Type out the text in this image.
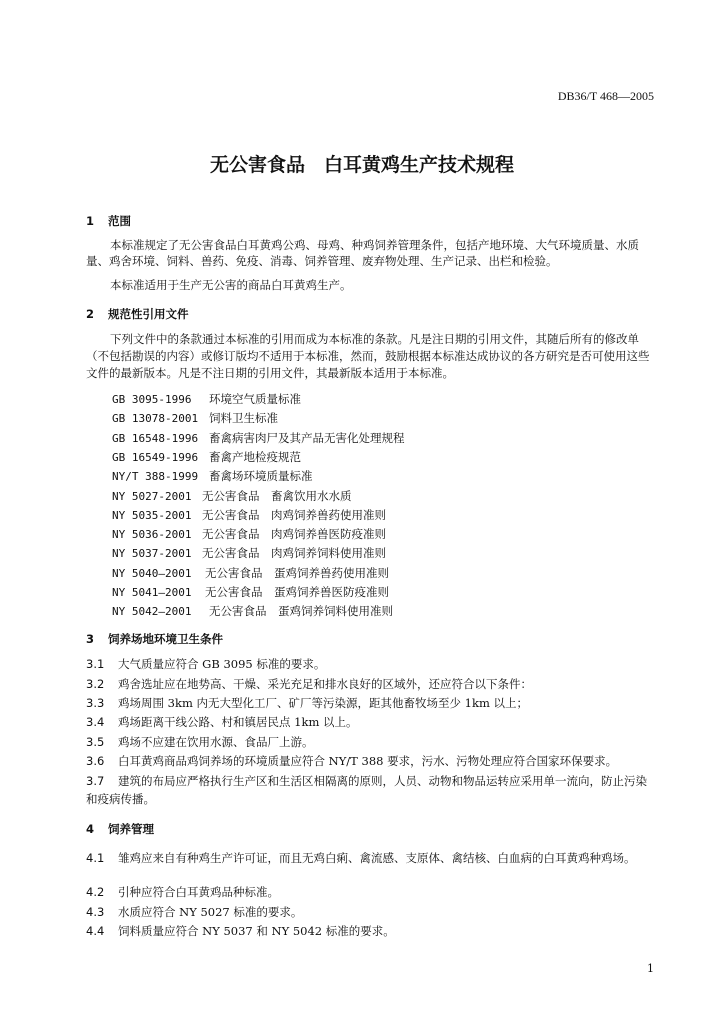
DB36/T 468—2005
无公害食品　白耳黄鸡生产技术规程
1 范围
本标准规定了无公害食品白耳黄鸡公鸡、母鸡、种鸡饲养管理条件，包括产地环境、大气环境质量、水质量、鸡舍环境、饲料、兽药、免疫、消毒、饲养管理、废弃物处理、生产记录、出栏和检验。
本标准适用于生产无公害的商品白耳黄鸡生产。
2 规范性引用文件
下列文件中的条款通过本标准的引用而成为本标准的条款。凡是注日期的引用文件，其随后所有的修改单（不包括勘误的内容）或修订版均不适用于本标准，然而，鼓励根据本标准达成协议的各方研究是否可使用这些文件的最新版本。凡是不注日期的引用文件，其最新版本适用于本标准。
GB 3095-1996 环境空气质量标准
GB 13078-2001 饲料卫生标准
GB 16548-1996 畜禽病害肉尸及其产品无害化处理规程
GB 16549-1996 畜禽产地检疫规范
NY/T 388-1999 畜禽场环境质量标准
NY 5027-2001 无公害食品　畜禽饮用水水质
NY 5035-2001 无公害食品　肉鸡饲养兽药使用准则
NY 5036-2001 无公害食品　肉鸡饲养兽医防疫准则
NY 5037-2001 无公害食品　肉鸡饲养饲料使用准则
NY 5040—2001 无公害食品　蛋鸡饲养兽药使用准则
NY 5041—2001 无公害食品　蛋鸡饲养兽医防疫准则
NY 5042—2001 无公害食品　蛋鸡饲养饲料使用准则
3 饲养场地环境卫生条件
3.1 大气质量应符合 GB 3095 标准的要求。
3.2 鸡舍选址应在地势高、干燥、采光充足和排水良好的区域外，还应符合以下条件：
3.3 鸡场周围 3km 内无大型化工厂、矿厂等污染源，距其他畜牧场至少 1km 以上；
3.4 鸡场距离干线公路、村和镇居民点 1km 以上。
3.5 鸡场不应建在饮用水源、食品厂上游。
3.6 白耳黄鸡商品鸡饲养场的环境质量应符合 NY/T 388 要求，污水、污物处理应符合国家环保要求。
3.7 建筑的布局应严格执行生产区和生活区相隔离的原则，人员、动物和物品运转应采用单一流向，防止污染和疫病传播。
4 饲养管理
4.1 雏鸡应来自有种鸡生产许可证，而且无鸡白痢、禽流感、支原体、禽结核、白血病的白耳黄鸡种鸡场。
4.2 引种应符合白耳黄鸡品种标准。
4.3 水质应符合 NY 5027 标准的要求。
4.4 饲料质量应符合 NY 5037 和 NY 5042 标准的要求。
1
